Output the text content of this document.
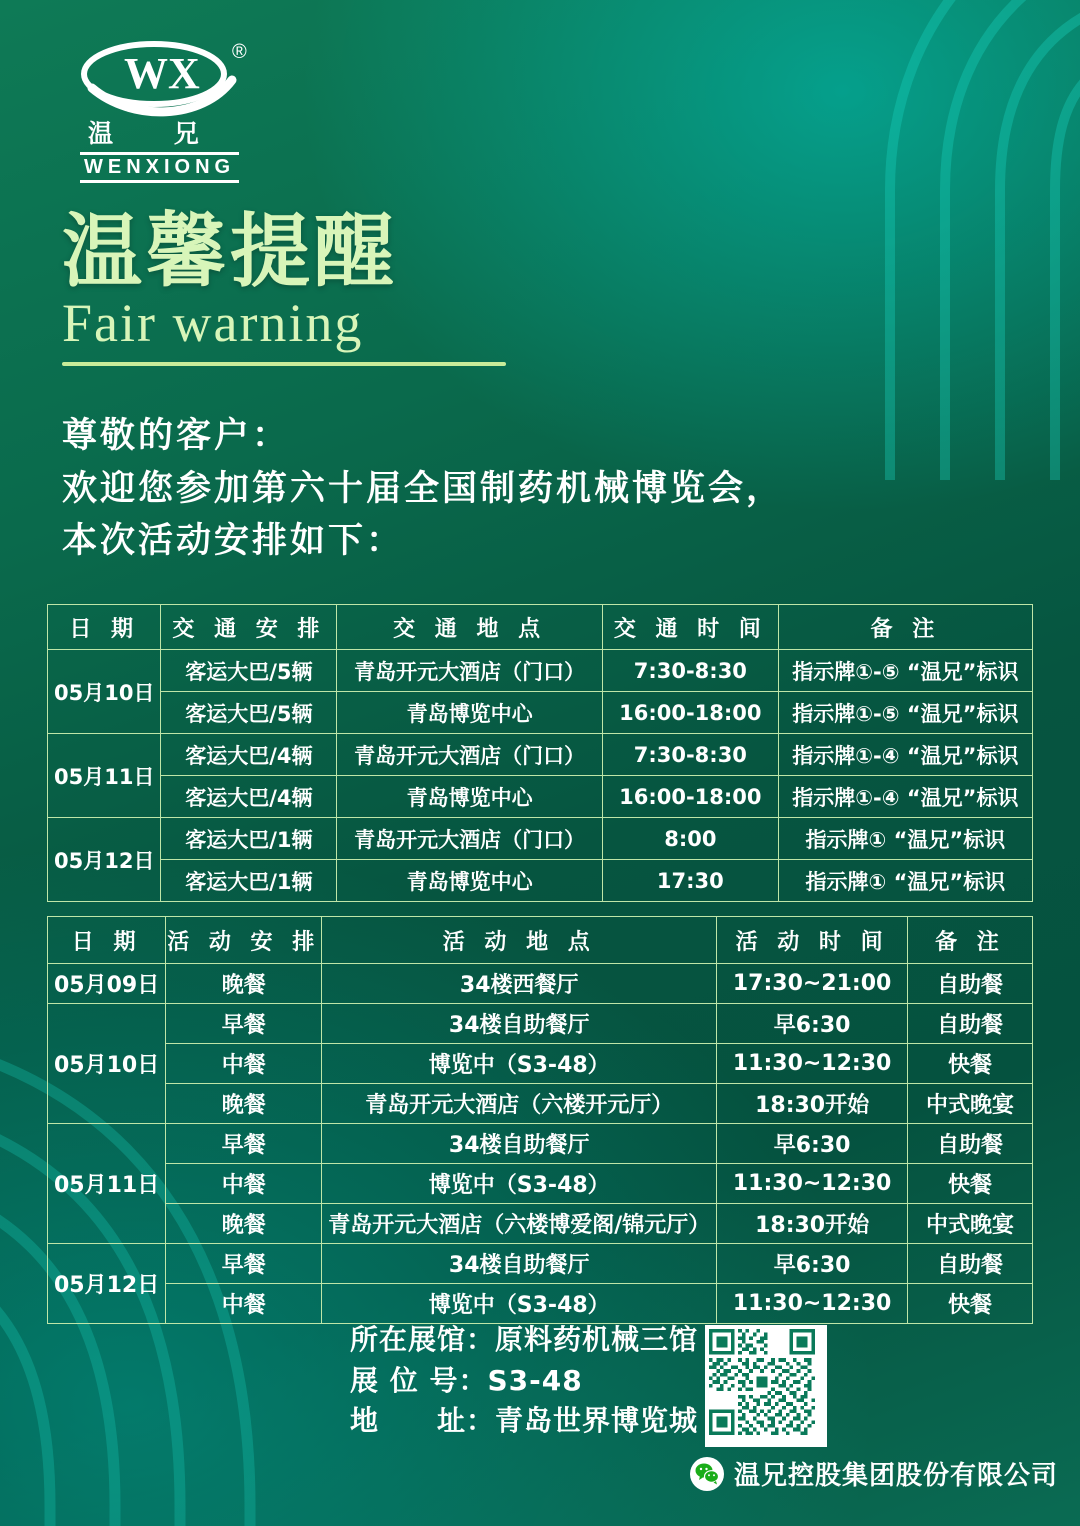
WX ®
温 兄
WENXIONG
温馨提醒
Fair warning
尊敬的客户：
欢迎您参加第六十届全国制药机械博览会，
本次活动安排如下：
日 期	交 通 安 排	交 通 地 点	交 通 时 间	备 注
05月10日	客运大巴/5辆	青岛开元大酒店（门口）	7:30-8:30	指示牌①-⑤ “温兄”标识
	客运大巴/5辆	青岛博览中心	16:00-18:00	指示牌①-⑤ “温兄”标识
05月11日	客运大巴/4辆	青岛开元大酒店（门口）	7:30-8:30	指示牌①-④ “温兄”标识
	客运大巴/4辆	青岛博览中心	16:00-18:00	指示牌①-④ “温兄”标识
05月12日	客运大巴/1辆	青岛开元大酒店（门口）	8:00	指示牌① “温兄”标识
	客运大巴/1辆	青岛博览中心	17:30	指示牌① “温兄”标识
日 期	活 动 安 排	活 动 地 点	活 动 时 间	备 注
05月09日	晚餐	34楼西餐厅	17:30~21:00	自助餐
05月10日	早餐	34楼自助餐厅	早6:30	自助餐
	中餐	博览中（S3-48）	11:30~12:30	快餐
	晚餐	青岛开元大酒店（六楼开元厅）	18:30开始	中式晚宴
05月11日	早餐	34楼自助餐厅	早6:30	自助餐
	中餐	博览中（S3-48）	11:30~12:30	快餐
	晚餐	青岛开元大酒店（六楼博爱阁/锦元厅）	18:30开始	中式晚宴
05月12日	早餐	34楼自助餐厅	早6:30	自助餐
	中餐	博览中（S3-48）	11:30~12:30	快餐
所在展馆：原料药机械三馆
展 位 号：S3-48
地　　址：青岛世界博览城
温兄控股集团股份有限公司
